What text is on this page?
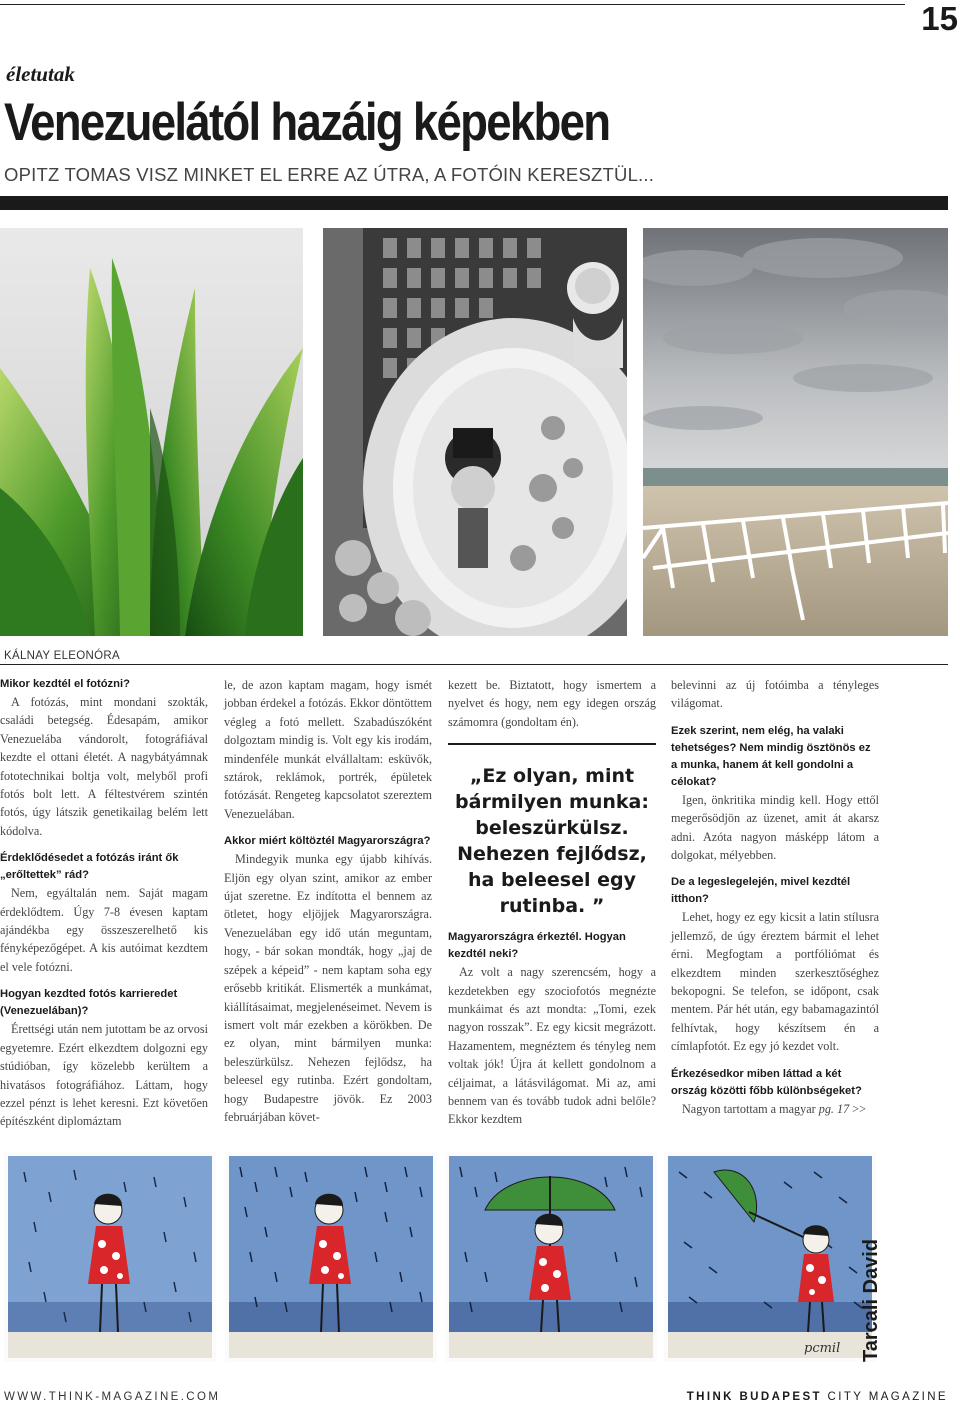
15
életutak
Venezuelától hazáig képekben
OPITZ TOMAS VISZ MINKET EL ERRE AZ ÚTRA, A FOTÓIN KERESZTÜL...
KÁLNAY ELEONÓRA

Mikor kezdtél el fotózni?

A fotózás, mint mondani szokták, családi betegség. Édesapám, amikor Venezuelába vándorolt, fotográfiával kezdte el ottani életét. A nagybátyámnak fototechnikai boltja volt, melyből profi fotós bolt lett. A féltestvérem szintén fotós, úgy látszik genetikailag belém lett kódolva.

Érdeklődésedet a fotózás iránt ők „erőltettek” rád?

Nem, egyáltalán nem. Saját magam érdeklődtem. Úgy 7-8 évesen kaptam ajándékba egy összeszerelhető kis fényképezőgépet. A kis autóimat kezdtem el vele fotózni.

Hogyan kezdted fotós karrieredet (Venezuelában)?

Érettségi után nem jutottam be az orvosi egyetemre. Ezért elkezdtem dolgozni egy stúdióban, így közelebb kerültem a hivatásos fotográfiához. Láttam, hogy ezzel pénzt is lehet keresni. Ezt követően építészként diplomáztam

le, de azon kaptam magam, hogy ismét jobban érdekel a fotózás. Ekkor döntöttem végleg a fotó mellett. Szabadúszóként dolgoztam mindig is. Volt egy kis irodám, mindenféle munkát elvállaltam: esküvők, sztárok, reklámok, portrék, épületek fotózását. Rengeteg kapcsolatot szereztem Venezuelában.

Akkor miért költöztél Magyarországra?

Mindegyik munka egy újabb kihívás. Eljön egy olyan szint, amikor az ember újat szeretne. Ez indította el bennem az ötletet, hogy eljöjjek Magyarországra. Venezuelában egy idő után meguntam, hogy, - bár sokan mondták, hogy „jaj de szépek a képeid” - nem kaptam soha egy erősebb kritikát. Elismerték a munkámat, kiállításaimat, megjelenéseimet. Nevem is ismert volt már ezekben a körökben. De ez olyan, mint bármilyen munka: beleszürkülsz. Nehezen fejlődsz, ha beleesel egy rutinba. Ezért gondoltam, hogy Budapestre jövök. Ez 2003 februárjában követ-

kezett be. Biztatott, hogy ismertem a nyelvet és hogy, nem egy idegen ország számomra (gondoltam én).

„Ez olyan, mint bármilyen munka: beleszürkülsz. Nehezen fejlődsz, ha beleesel egy rutinba. ”

Magyarországra érkeztél. Hogyan kezdtél neki?

Az volt a nagy szerencsém, hogy a kezdetekben egy szociofotós megnézte munkáimat és azt mondta: „Tomi, ezek nagyon rosszak”. Ez egy kicsit megrázott. Hazamentem, megnéztem és tényleg nem voltak jók! Újra át kellett gondolnom a céljaimat, a látásvilágomat. Mi az, ami bennem van és tovább tudok adni belőle? Ekkor kezdtem

belevinni az új fotóimba a tényleges világomat.

Ezek szerint, nem elég, ha valaki tehetséges? Nem mindig ösztönös ez a munka, hanem át kell gondolni a célokat?

Igen, önkritika mindig kell. Hogy ettől megerősödjön az üzenet, amit át akarsz adni. Azóta nagyon másképp látom a dolgokat, mélyebben.

De a legeslegelején, mivel kezdtél itthon?

Lehet, hogy ez egy kicsit a latin stílusra jellemző, de úgy éreztem bármit el lehet érni. Megfogtam a portfóliómat és elkezdtem minden szerkesztőséghez bekopogni. Se telefon, se időpont, csak mentem. Pár hét után, egy babamagazintól felhívtak, hogy készítsem én a címlapfotót. Ez egy jó kezdet volt.

Érkezésedkor miben láttad a két ország közötti főbb különbségeket?

Nagyon tartottam a magyar pg. 17 >>

pcmil Tarcali David
WWW.THINK-MAGAZINE.COM	THINK BUDAPEST CITY MAGAZINE
